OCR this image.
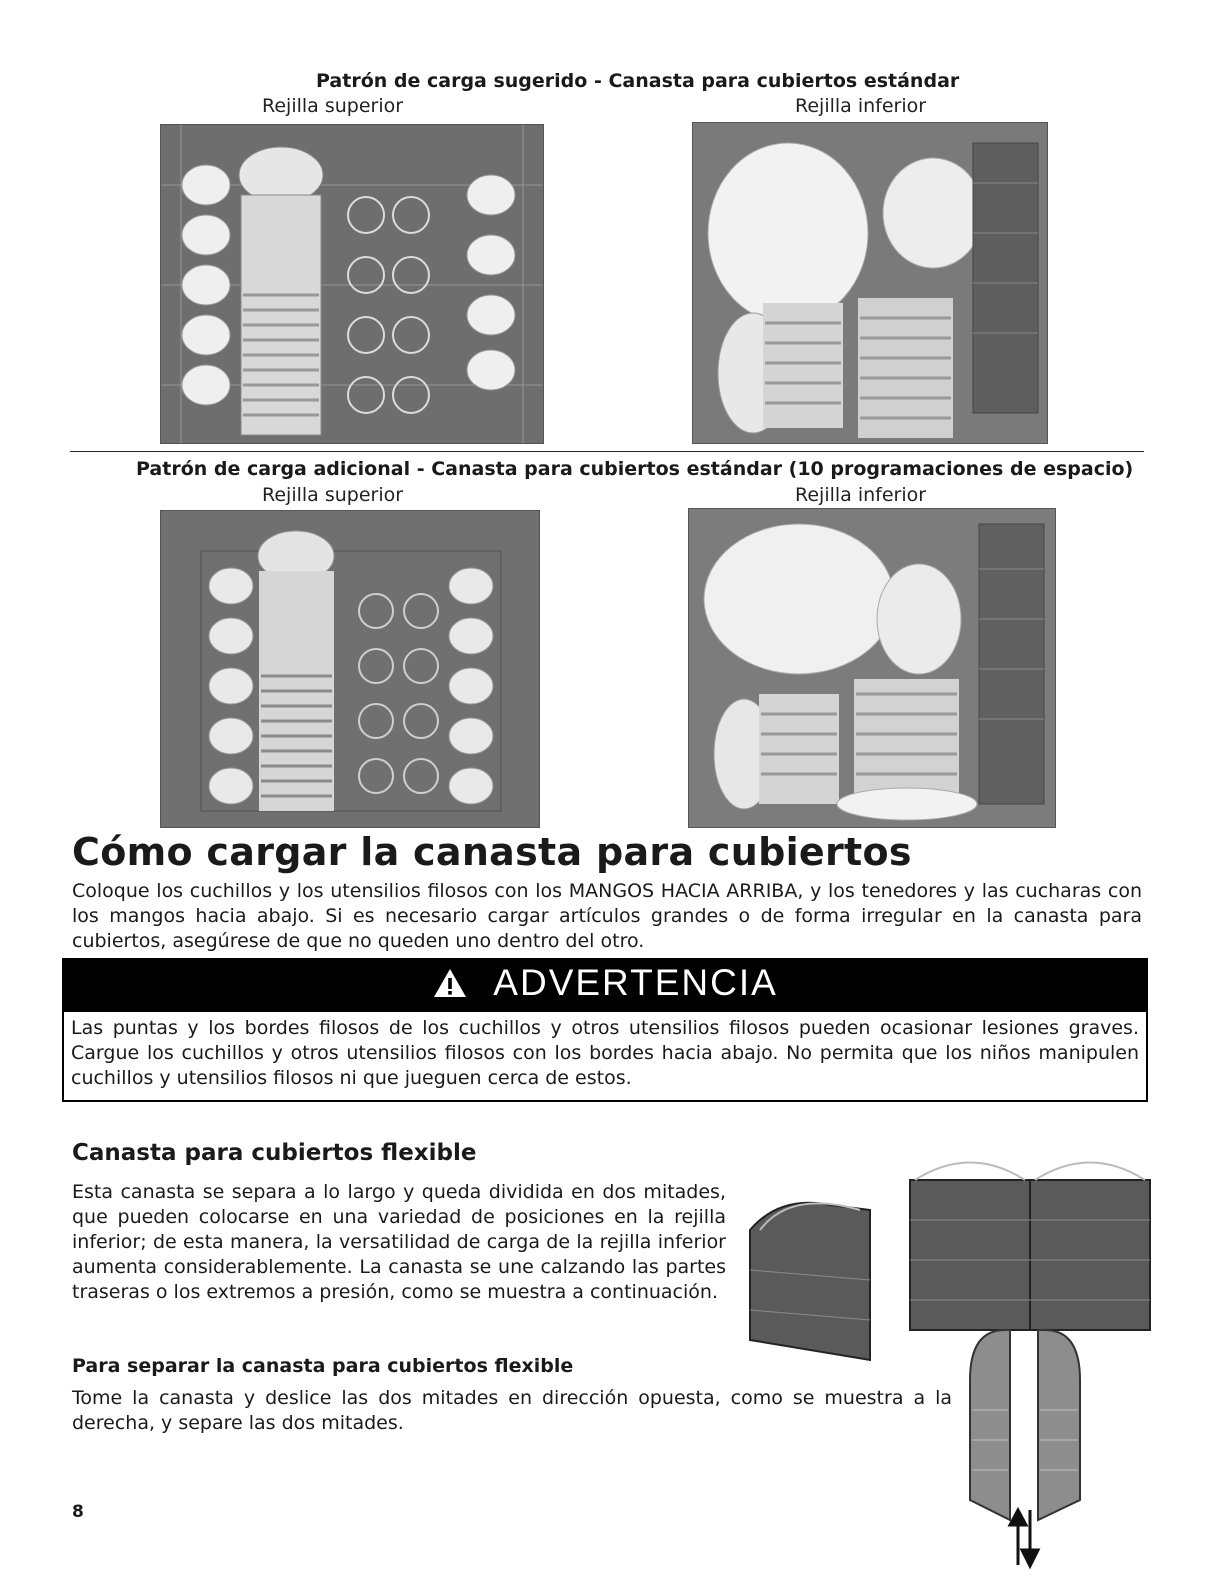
Patrón de carga sugerido - Canasta para cubiertos estándar
Rejilla superior	Rejilla inferior
Patrón de carga adicional - Canasta para cubiertos estándar (10 programaciones de espacio)
Rejilla superior	Rejilla inferior
Cómo cargar la canasta para cubiertos
Coloque los cuchillos y los utensilios filosos con los MANGOS HACIA ARRIBA, y los tenedores y las cucharas con los mangos hacia abajo. Si es necesario cargar artículos grandes o de forma irregular en la canasta para cubiertos, asegúrese de que no queden uno dentro del otro.
ADVERTENCIA
Las puntas y los bordes filosos de los cuchillos y otros utensilios filosos pueden ocasionar lesiones graves. Cargue los cuchillos y otros utensilios filosos con los bordes hacia abajo. No permita que los niños manipulen cuchillos y utensilios filosos ni que jueguen cerca de estos.
Canasta para cubiertos flexible
Esta canasta se separa a lo largo y queda dividida en dos mitades, que pueden colocarse en una variedad de posiciones en la rejilla inferior; de esta manera, la versatilidad de carga de la rejilla inferior aumenta considerablemente. La canasta se une calzando las partes traseras o los extremos a presión, como se muestra a continuación.
Para separar la canasta para cubiertos flexible
Tome la canasta y deslice las dos mitades en dirección opuesta, como se muestra a la derecha, y separe las dos mitades.
8
